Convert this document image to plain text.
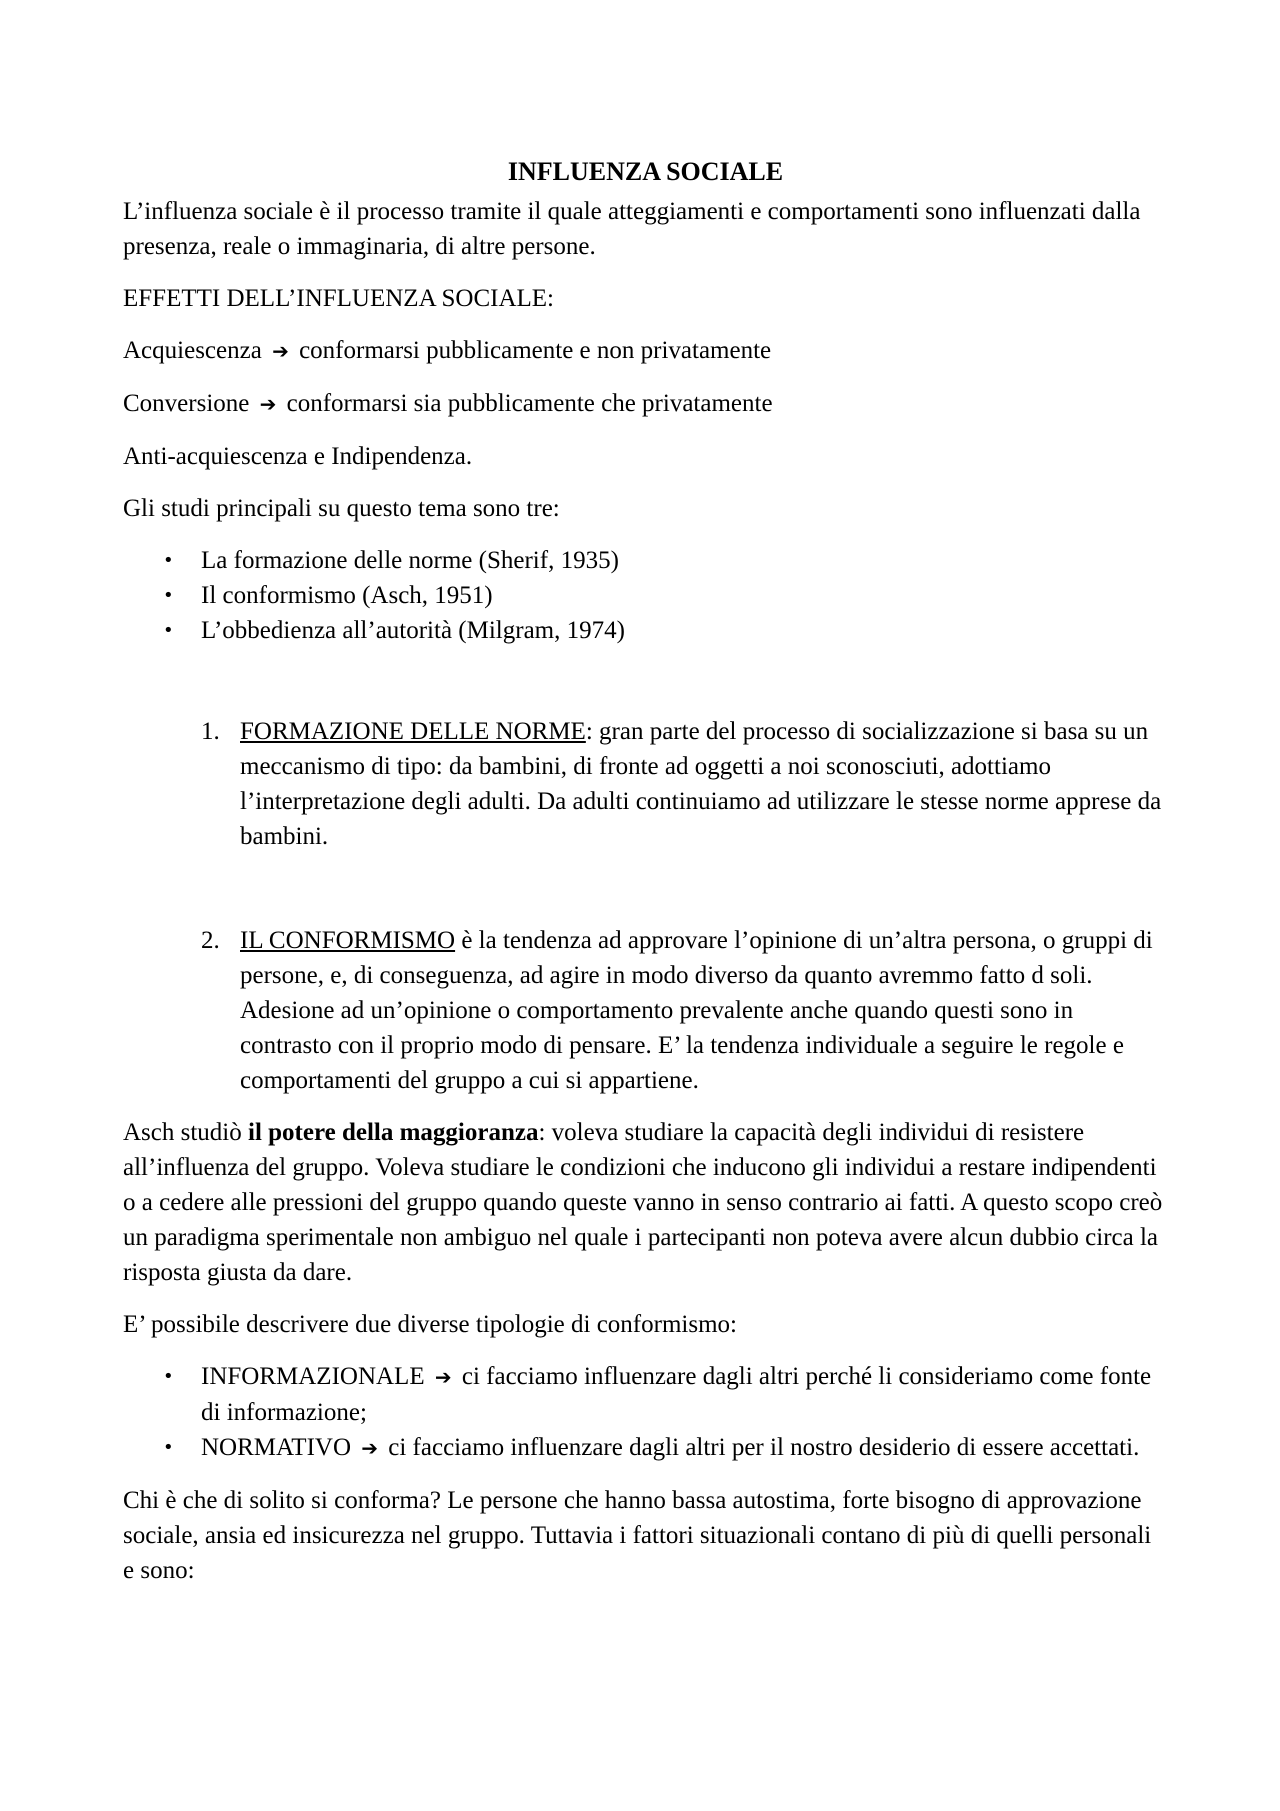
INFLUENZA SOCIALE

L’influenza sociale è il processo tramite il quale atteggiamenti e comportamenti sono influenzati dalla presenza, reale o immaginaria, di altre persone.

EFFETTI DELL’INFLUENZA SOCIALE:

Acquiescenza ➔ conformarsi pubblicamente e non privatamente

Conversione ➔ conformarsi sia pubblicamente che privatamente

Anti-acquiescenza e Indipendenza.

Gli studi principali su questo tema sono tre:

• La formazione delle norme (Sherif, 1935)
• Il conformismo (Asch, 1951)
• L’obbedienza all’autorità (Milgram, 1974)
1. FORMAZIONE DELLE NORME: gran parte del processo di socializzazione si basa su un meccanismo di tipo: da bambini, di fronte ad oggetti a noi sconosciuti, adottiamo l’interpretazione degli adulti. Da adulti continuiamo ad utilizzare le stesse norme apprese da bambini.
2. IL CONFORMISMO è la tendenza ad approvare l’opinione di un’altra persona, o gruppi di persone, e, di conseguenza, ad agire in modo diverso da quanto avremmo fatto d soli. Adesione ad un’opinione o comportamento prevalente anche quando questi sono in contrasto con il proprio modo di pensare. E’ la tendenza individuale a seguire le regole e comportamenti del gruppo a cui si appartiene.

Asch studiò il potere della maggioranza: voleva studiare la capacità degli individui di resistere all’influenza del gruppo. Voleva studiare le condizioni che inducono gli individui a restare indipendenti o a cedere alle pressioni del gruppo quando queste vanno in senso contrario ai fatti. A questo scopo creò un paradigma sperimentale non ambiguo nel quale i partecipanti non poteva avere alcun dubbio circa la risposta giusta da dare.

E’ possibile descrivere due diverse tipologie di conformismo:

• INFORMAZIONALE ➔ ci facciamo influenzare dagli altri perché li consideriamo come fonte di informazione;
• NORMATIVO ➔ ci facciamo influenzare dagli altri per il nostro desiderio di essere accettati.

Chi è che di solito si conforma? Le persone che hanno bassa autostima, forte bisogno di approvazione sociale, ansia ed insicurezza nel gruppo. Tuttavia i fattori situazionali contano di più di quelli personali e sono:
